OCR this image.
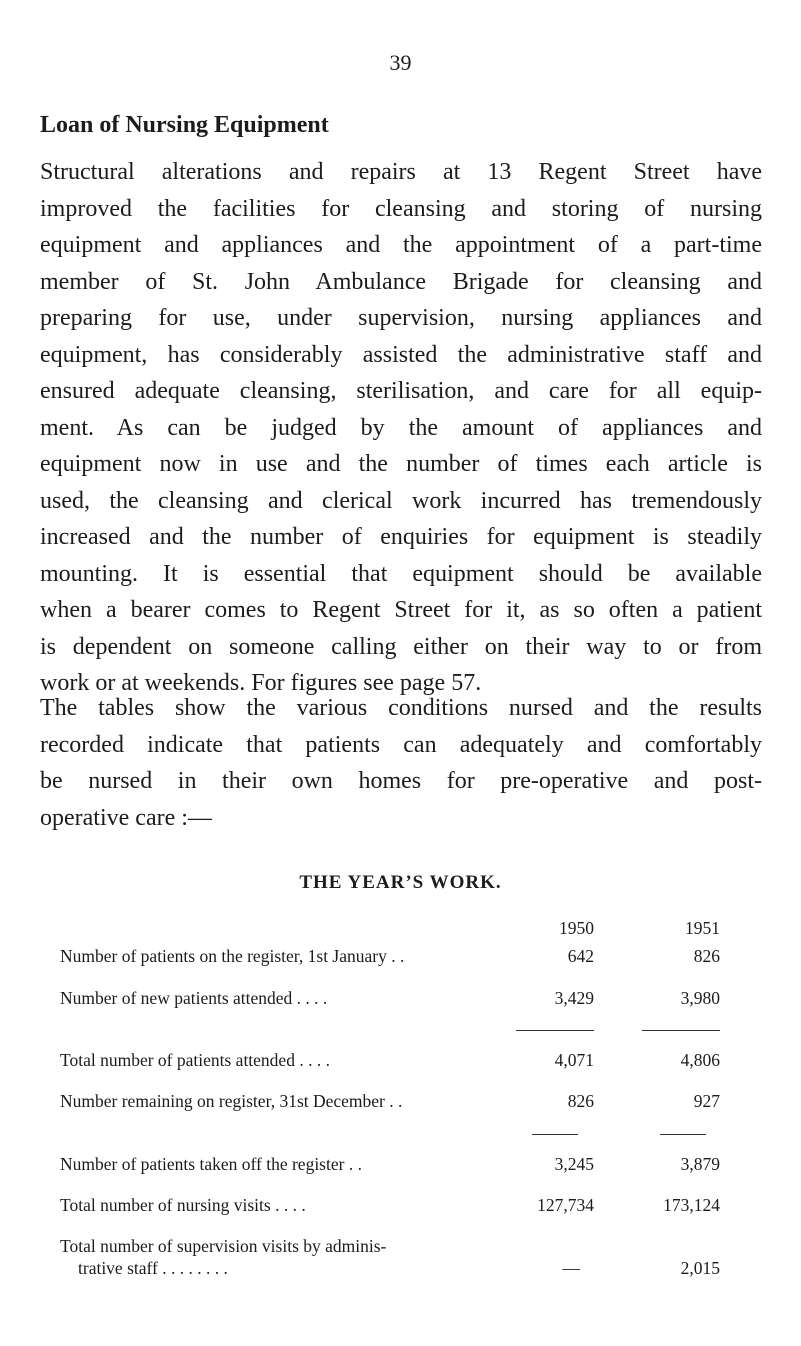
39
Loan of Nursing Equipment
Structural alterations and repairs at 13 Regent Street have
improved the facilities for cleansing and storing of nursing
equipment and appliances and the appointment of a part-time
member of St. John Ambulance Brigade for cleansing and
preparing for use, under supervision, nursing appliances and
equipment, has considerably assisted the administrative staff and
ensured adequate cleansing, sterilisation, and care for all equip-
ment. As can be judged by the amount of appliances and
equipment now in use and the number of times each article is
used, the cleansing and clerical work incurred has tremendously
increased and the number of enquiries for equipment is steadily
mounting. It is essential that equipment should be available
when a bearer comes to Regent Street for it, as so often a patient
is dependent on someone calling either on their way to or from
work or at weekends. For figures see page 57.
The tables show the various conditions nursed and the results
recorded indicate that patients can adequately and comfortably
be nursed in their own homes for pre-operative and post-
operative care :—
THE YEAR’S WORK.
1950	1951
Number of patients on the register, 1st January . .	642	826
Number of new patients attended . . . .	3,429	3,980
Total number of patients attended . . . .	4,071	4,806
Number remaining on register, 31st December . .	826	927
Number of patients taken off the register . .	3,245	3,879
Total number of nursing visits . . . .	127,734	173,124
Total number of supervision visits by adminis-
trative staff . . . . . . . .	—	2,015
